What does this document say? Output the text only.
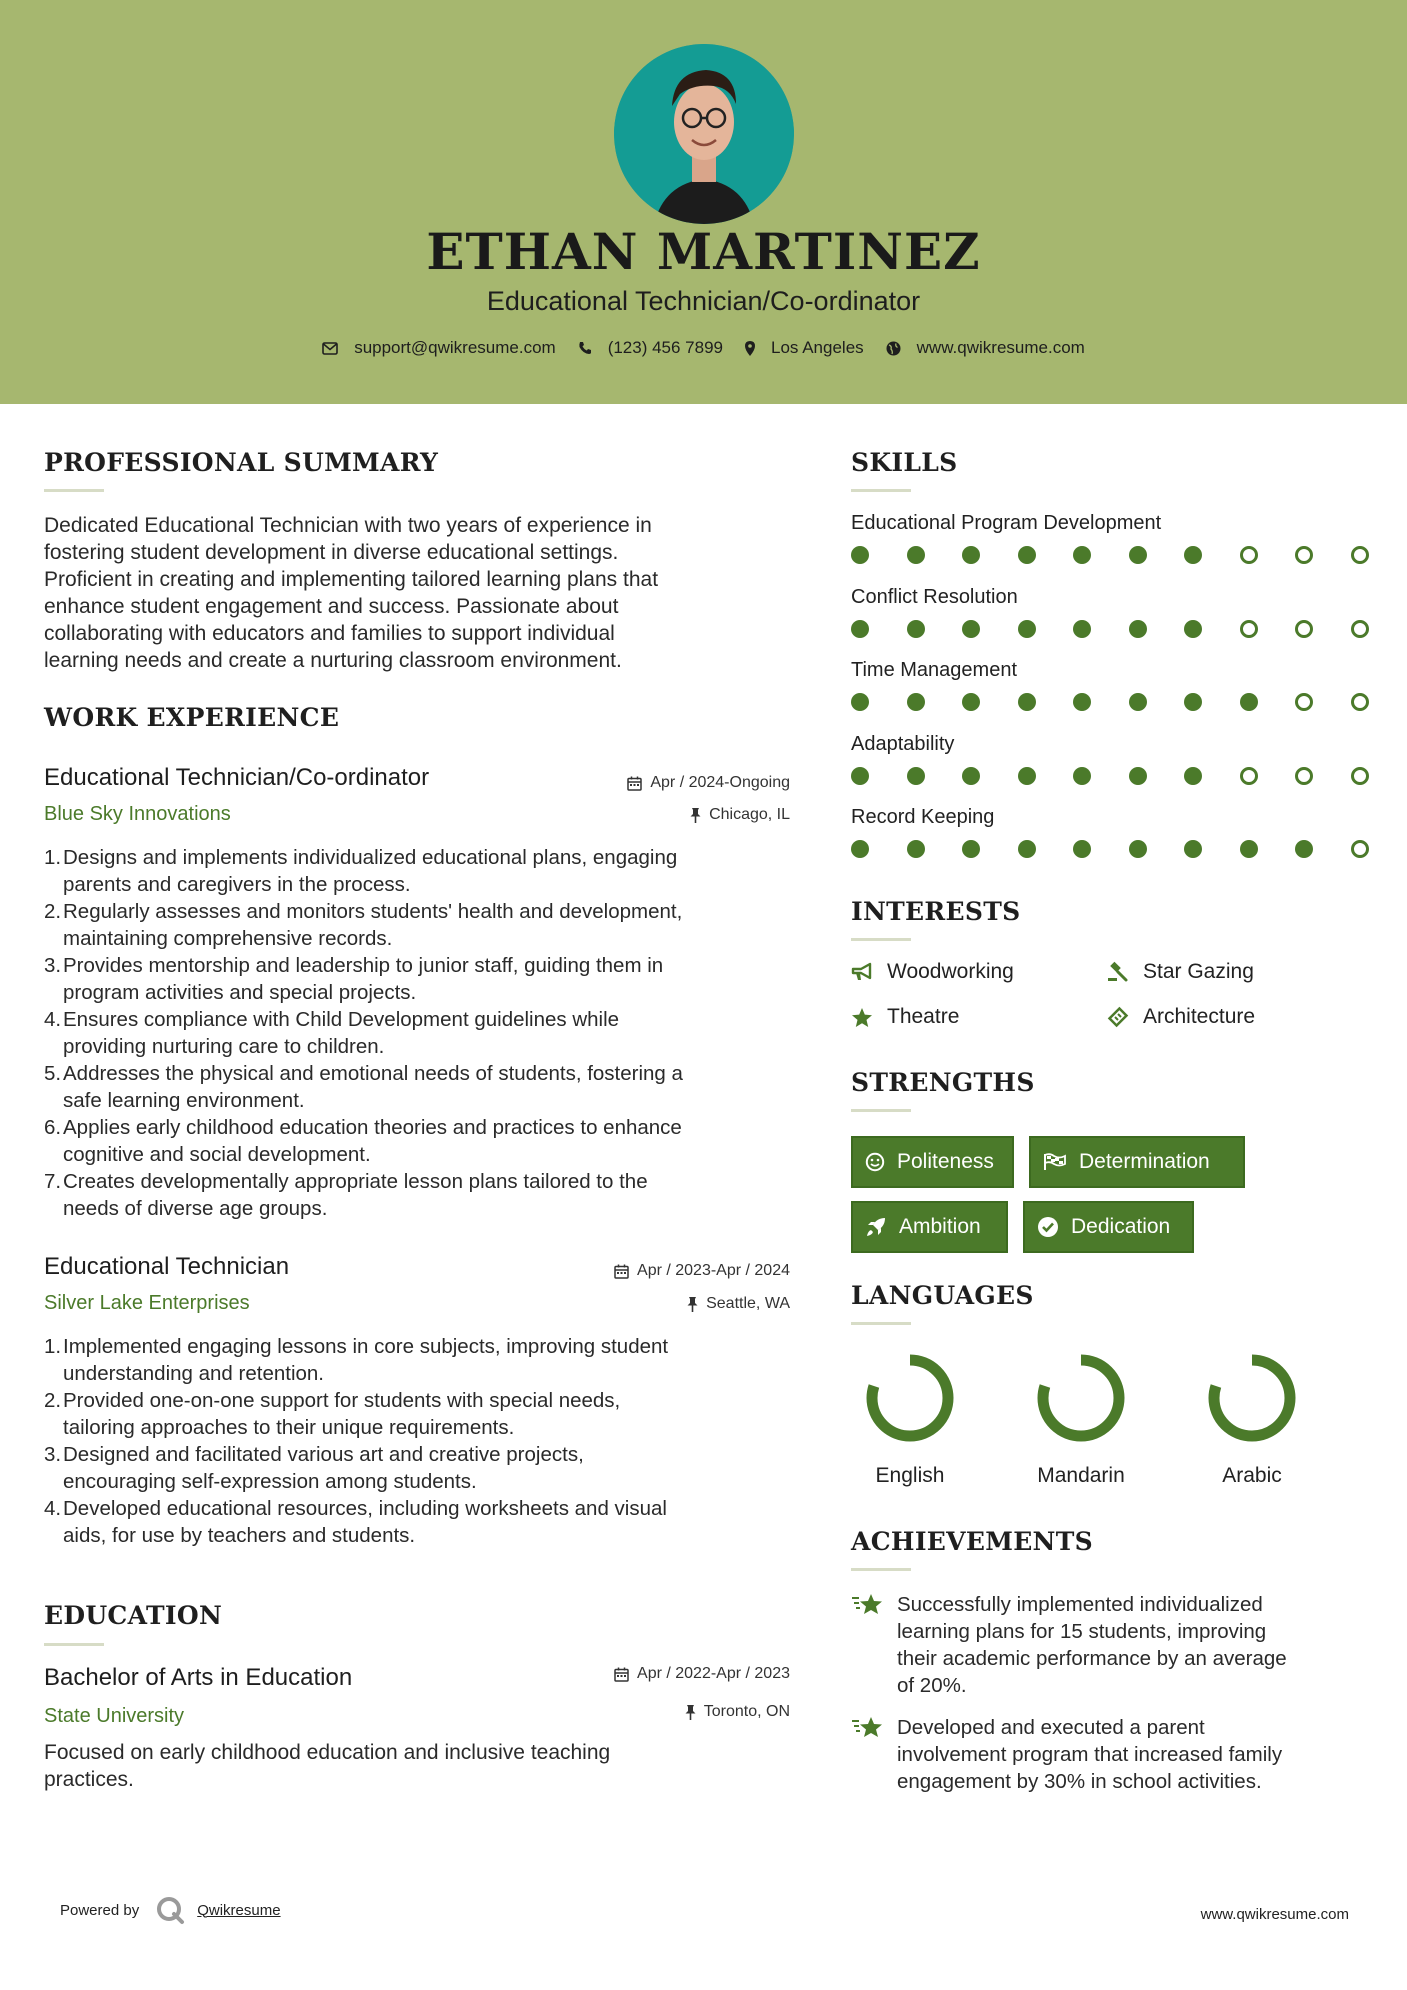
ETHAN MARTINEZ
Educational Technician/Co-ordinator
support@qwikresume.com	(123) 456 7899	Los Angeles	www.qwikresume.com
PROFESSIONAL SUMMARY
Dedicated Educational Technician with two years of experience in
fostering student development in diverse educational settings.
Proficient in creating and implementing tailored learning plans that
enhance student engagement and success. Passionate about
collaborating with educators and families to support individual
learning needs and create a nurturing classroom environment.
WORK EXPERIENCE
Educational Technician/Co-ordinator	Apr / 2024-Ongoing
Blue Sky Innovations	Chicago, IL
1. Designs and implements individualized educational plans, engaging
parents and caregivers in the process.
2. Regularly assesses and monitors students' health and development,
maintaining comprehensive records.
3. Provides mentorship and leadership to junior staff, guiding them in
program activities and special projects.
4. Ensures compliance with Child Development guidelines while
providing nurturing care to children.
5. Addresses the physical and emotional needs of students, fostering a
safe learning environment.
6. Applies early childhood education theories and practices to enhance
cognitive and social development.
7. Creates developmentally appropriate lesson plans tailored to the
needs of diverse age groups.
Educational Technician	Apr / 2023-Apr / 2024
Silver Lake Enterprises	Seattle, WA
1. Implemented engaging lessons in core subjects, improving student
understanding and retention.
2. Provided one-on-one support for students with special needs,
tailoring approaches to their unique requirements.
3. Designed and facilitated various art and creative projects,
encouraging self-expression among students.
4. Developed educational resources, including worksheets and visual
aids, for use by teachers and students.
EDUCATION
Bachelor of Arts in Education	Apr / 2022-Apr / 2023
State University	Toronto, ON
Focused on early childhood education and inclusive teaching
practices.
SKILLS
Educational Program Development
Conflict Resolution
Time Management
Adaptability
Record Keeping
INTERESTS
Woodworking	Star Gazing
Theatre	Architecture
STRENGTHS
Politeness	Determination
Ambition	Dedication
LANGUAGES
English	Mandarin	Arabic
ACHIEVEMENTS
Successfully implemented individualized
learning plans for 15 students, improving
their academic performance by an average
of 20%.
Developed and executed a parent
involvement program that increased family
engagement by 30% in school activities.
Powered by	Qwikresume	www.qwikresume.com
